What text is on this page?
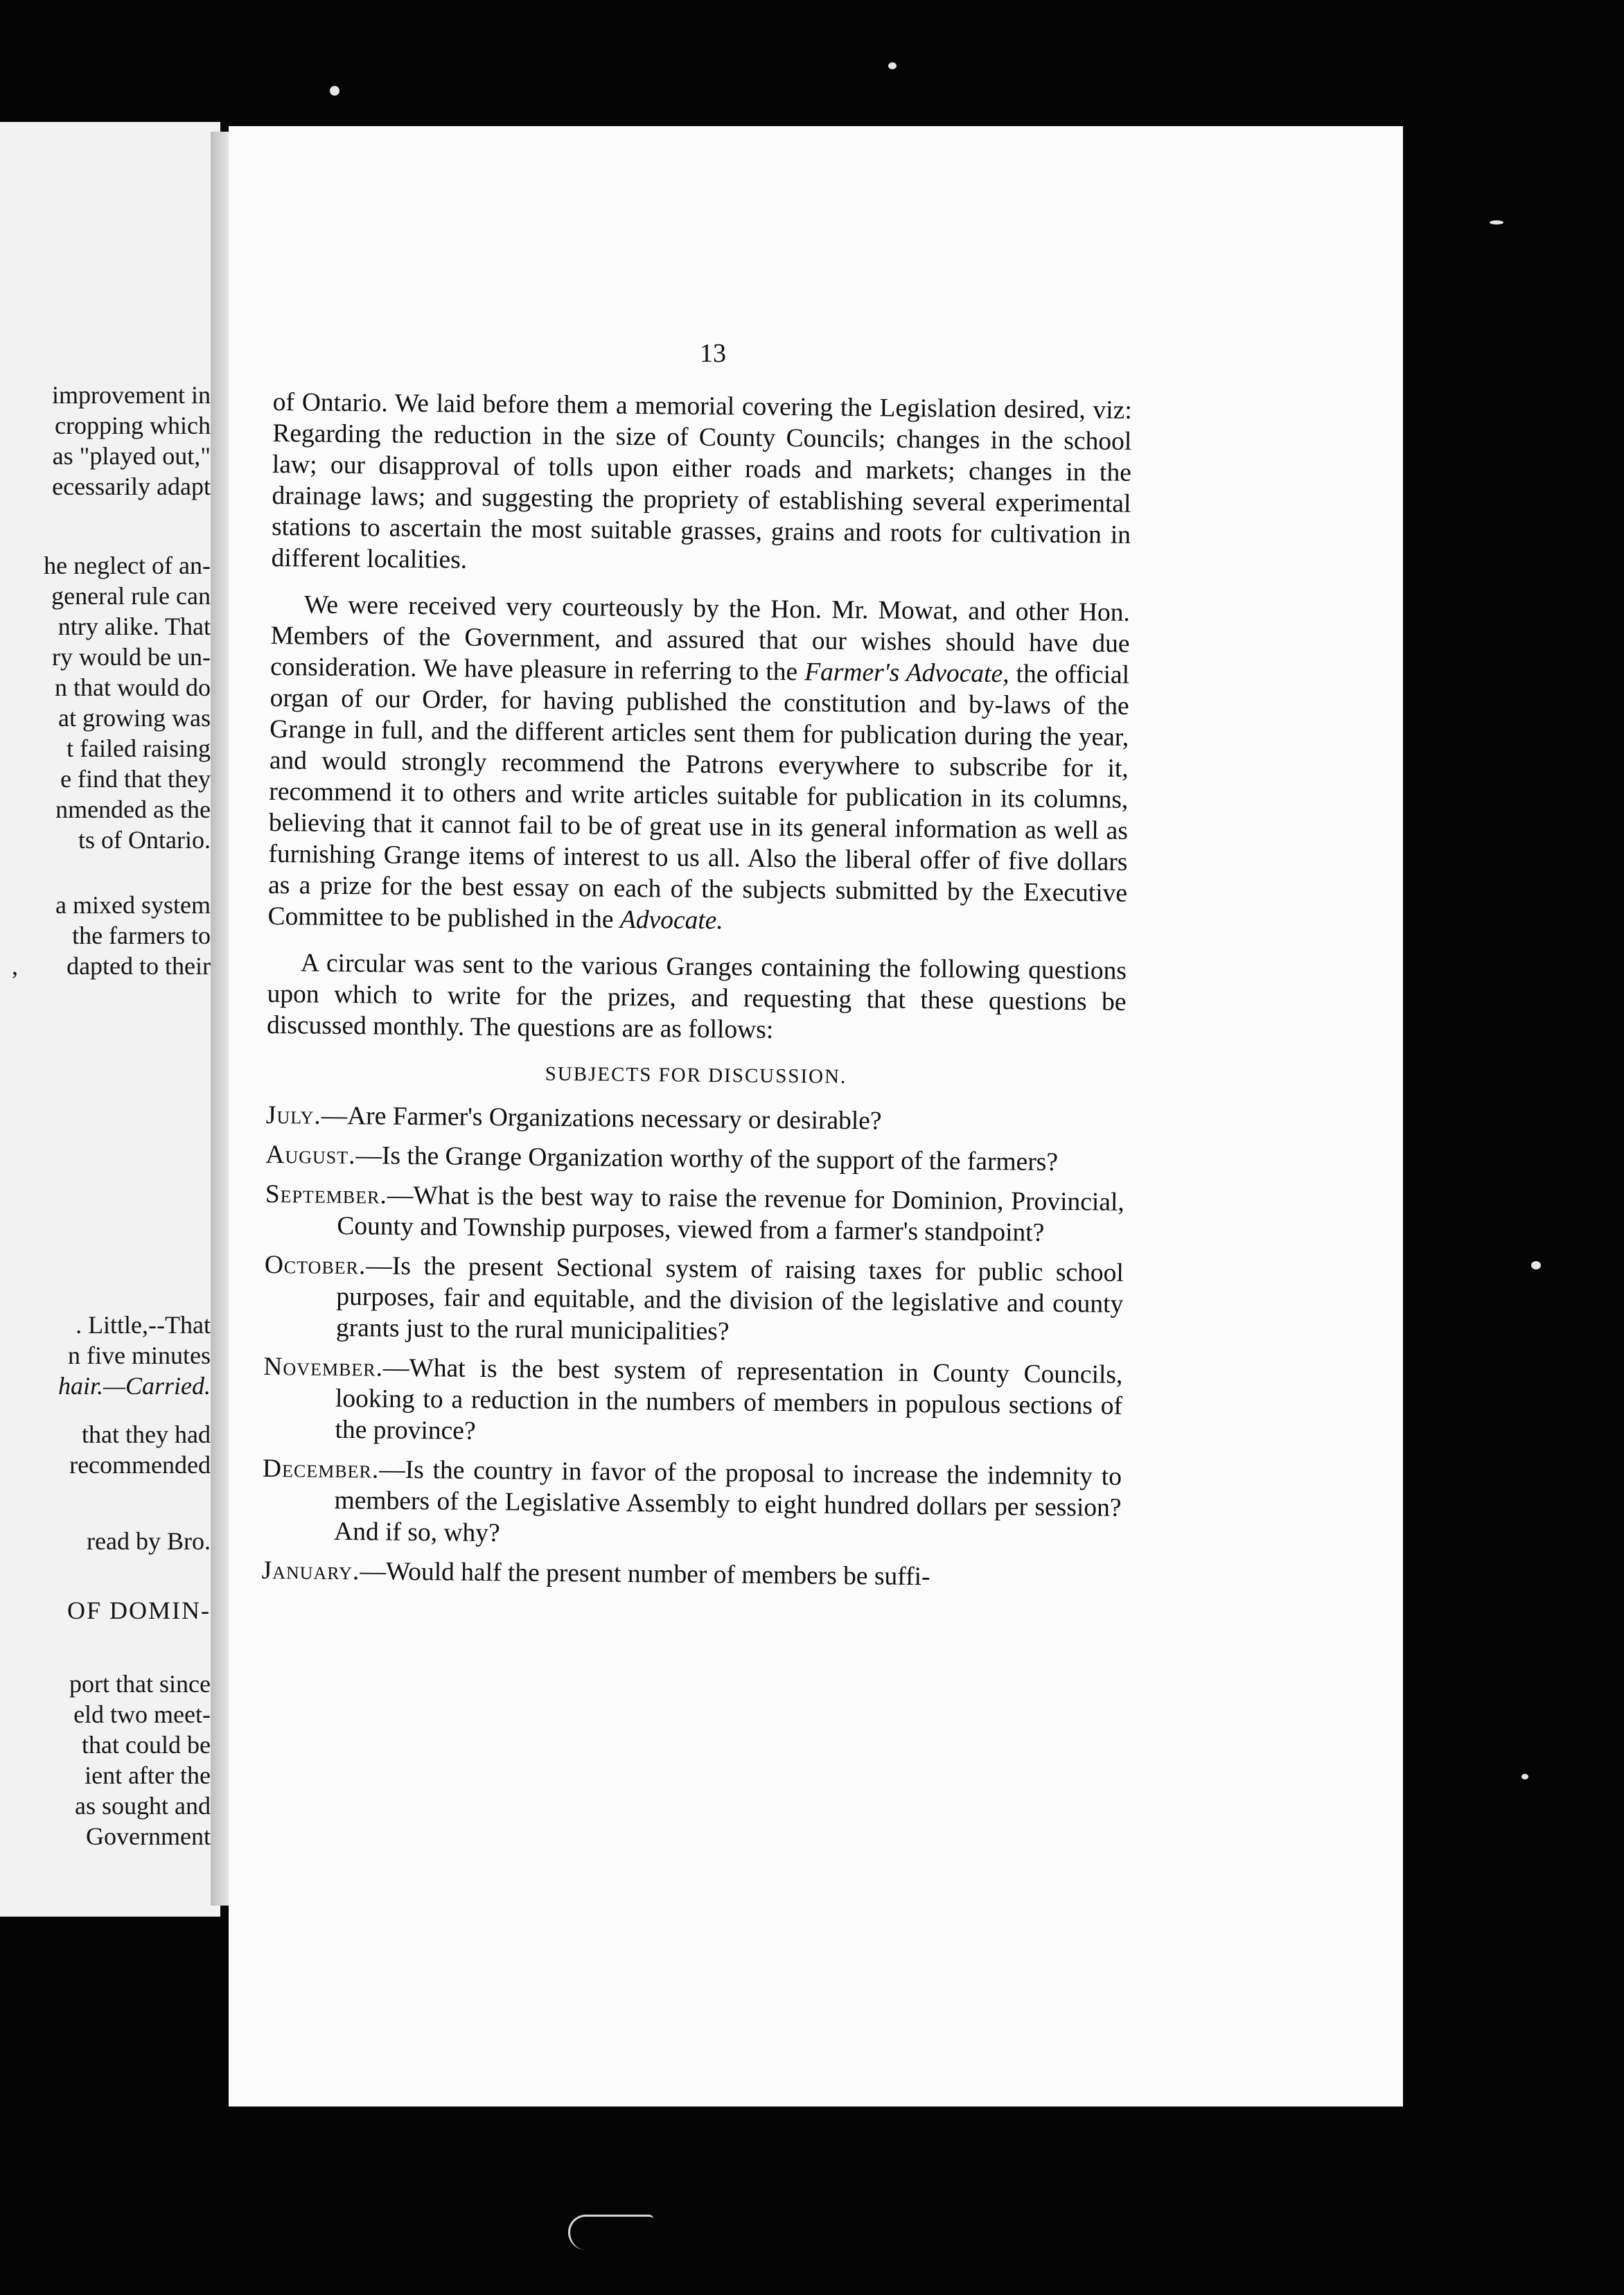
improvement in
cropping which
as "played out,"
ecessarily adapt
he neglect of an-
general rule can
ntry alike. That
ry would be un-
n that would do
at growing was
t failed raising
e find that they
nmended as the
ts of Ontario.
a mixed system
the farmers to
, dapted to their
. Little,--That
n five minutes
hair.—Carried.
that they had
recommended
read by Bro.
OF DOMIN-
port that since
eld two meet-
that could be
ient after the
as sought and
Government
13

of Ontario. We laid before them a memorial covering the Legislation desired, viz: Regarding the reduction in the size of County Councils; changes in the school law; our disapproval of tolls upon either roads and markets; changes in the drainage laws; and suggesting the propriety of establishing several experimental stations to ascertain the most suitable grasses, grains and roots for cultivation in different localities.

We were received very courteously by the Hon. Mr. Mowat, and other Hon. Members of the Government, and assured that our wishes should have due consideration. We have pleasure in referring to the Farmer's Advocate, the official organ of our Order, for having published the constitution and by-laws of the Grange in full, and the different articles sent them for publication during the year, and would strongly recommend the Patrons everywhere to subscribe for it, recommend it to others and write articles suitable for publication in its columns, believing that it cannot fail to be of great use in its general information as well as furnishing Grange items of interest to us all. Also the liberal offer of five dollars as a prize for the best essay on each of the subjects submitted by the Executive Committee to be published in the Advocate.

A circular was sent to the various Granges containing the following questions upon which to write for the prizes, and requesting that these questions be discussed monthly. The questions are as follows:

SUBJECTS FOR DISCUSSION.

July.—Are Farmer's Organizations necessary or desirable?

August.—Is the Grange Organization worthy of the support of the farmers?

September.—What is the best way to raise the revenue for Dominion, Provincial, County and Township purposes, viewed from a farmer's standpoint?

October.—Is the present Sectional system of raising taxes for public school purposes, fair and equitable, and the division of the legislative and county grants just to the rural municipalities?

November.—What is the best system of representation in County Councils, looking to a reduction in the numbers of members in populous sections of the province?

December.—Is the country in favor of the proposal to increase the indemnity to members of the Legislative Assembly to eight hundred dollars per session? And if so, why?

January.—Would half the present number of members be suffi-
